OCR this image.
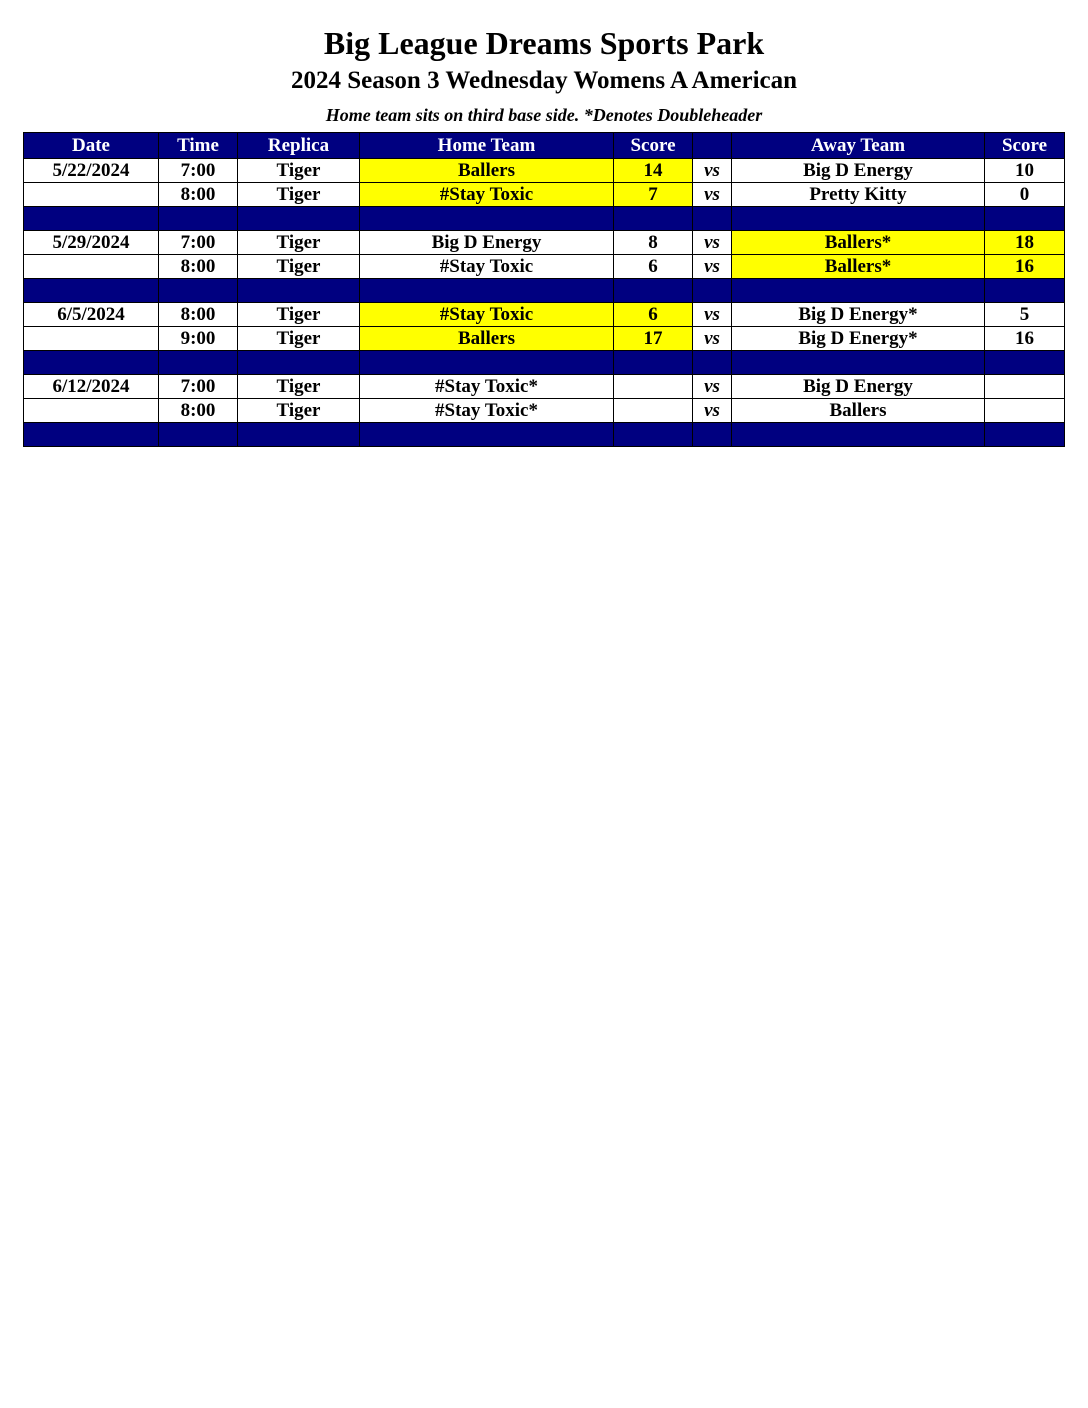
Big League Dreams Sports Park
2024 Season 3 Wednesday Womens A American
Home team sits on third base side. *Denotes Doubleheader
Date	Time	Replica	Home Team	Score		Away Team	Score
5/22/2024	7:00	Tiger	Ballers	14	vs	Big D Energy	10
	8:00	Tiger	#Stay Toxic	7	vs	Pretty Kitty	0

5/29/2024	7:00	Tiger	Big D Energy	8	vs	Ballers*	18
	8:00	Tiger	#Stay Toxic	6	vs	Ballers*	16

6/5/2024	8:00	Tiger	#Stay Toxic	6	vs	Big D Energy*	5
	9:00	Tiger	Ballers	17	vs	Big D Energy*	16

6/12/2024	7:00	Tiger	#Stay Toxic*		vs	Big D Energy	
	8:00	Tiger	#Stay Toxic*		vs	Ballers	
